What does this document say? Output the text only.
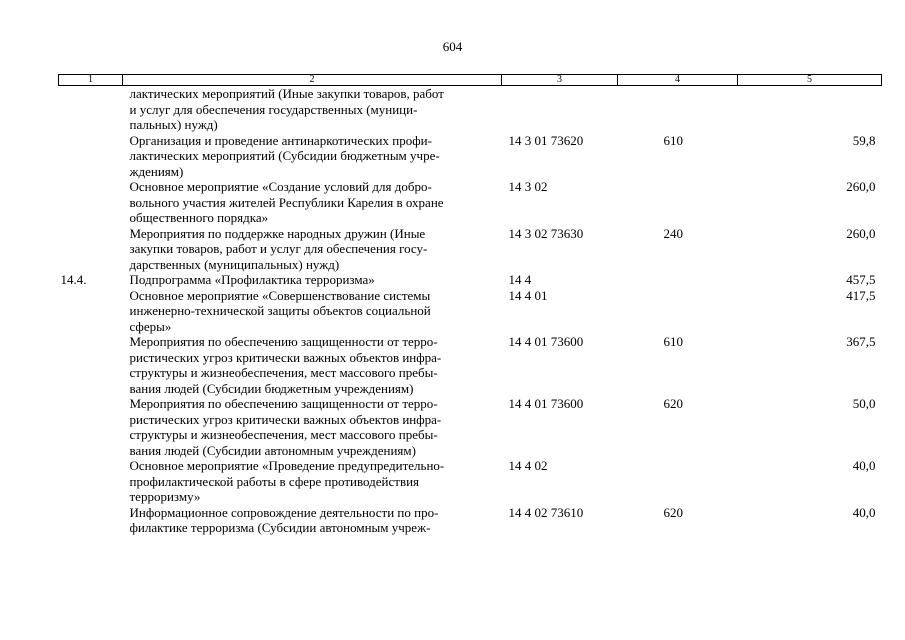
604
1	2	3	4	5

	лактических мероприятий (Иные закупки товаров, работ
и услуг для обеспечения государственных (муници-
пальных) нужд)			

	Организация и проведение антинаркотических профи-
лактических мероприятий (Субсидии бюджетным учре-
ждениям)	14 3 01 73620	610	59,8

	Основное мероприятие «Создание условий для добро-
вольного участия жителей Республики Карелия в охране
общественного порядка»	14 3 02		260,0

	Мероприятия по поддержке народных дружин (Иные
закупки товаров, работ и услуг для обеспечения госу-
дарственных (муниципальных) нужд)	14 3 02 73630	240	260,0
14.4.	Подпрограмма «Профилактика терроризма»	14 4		457,5

	Основное мероприятие «Совершенствование системы
инженерно-технической защиты объектов социальной
сферы»	14 4 01		417,5

	Мероприятия по обеспечению защищенности от терро-
ристических угроз критически важных объектов инфра-
структуры и жизнеобеспечения, мест массового пребы-
вания людей (Субсидии бюджетным учреждениям)	14 4 01 73600	610	367,5

	Мероприятия по обеспечению защищенности от терро-
ристических угроз критически важных объектов инфра-
структуры и жизнеобеспечения, мест массового пребы-
вания людей (Субсидии автономным учреждениям)	14 4 01 73600	620	50,0

	Основное мероприятие «Проведение предупредительно-
профилактической работы в сфере противодействия
терроризму»	14 4 02		40,0

	Информационное сопровождение деятельности по про-
филактике терроризма (Субсидии автономным учреж-	14 4 02 73610	620	40,0
